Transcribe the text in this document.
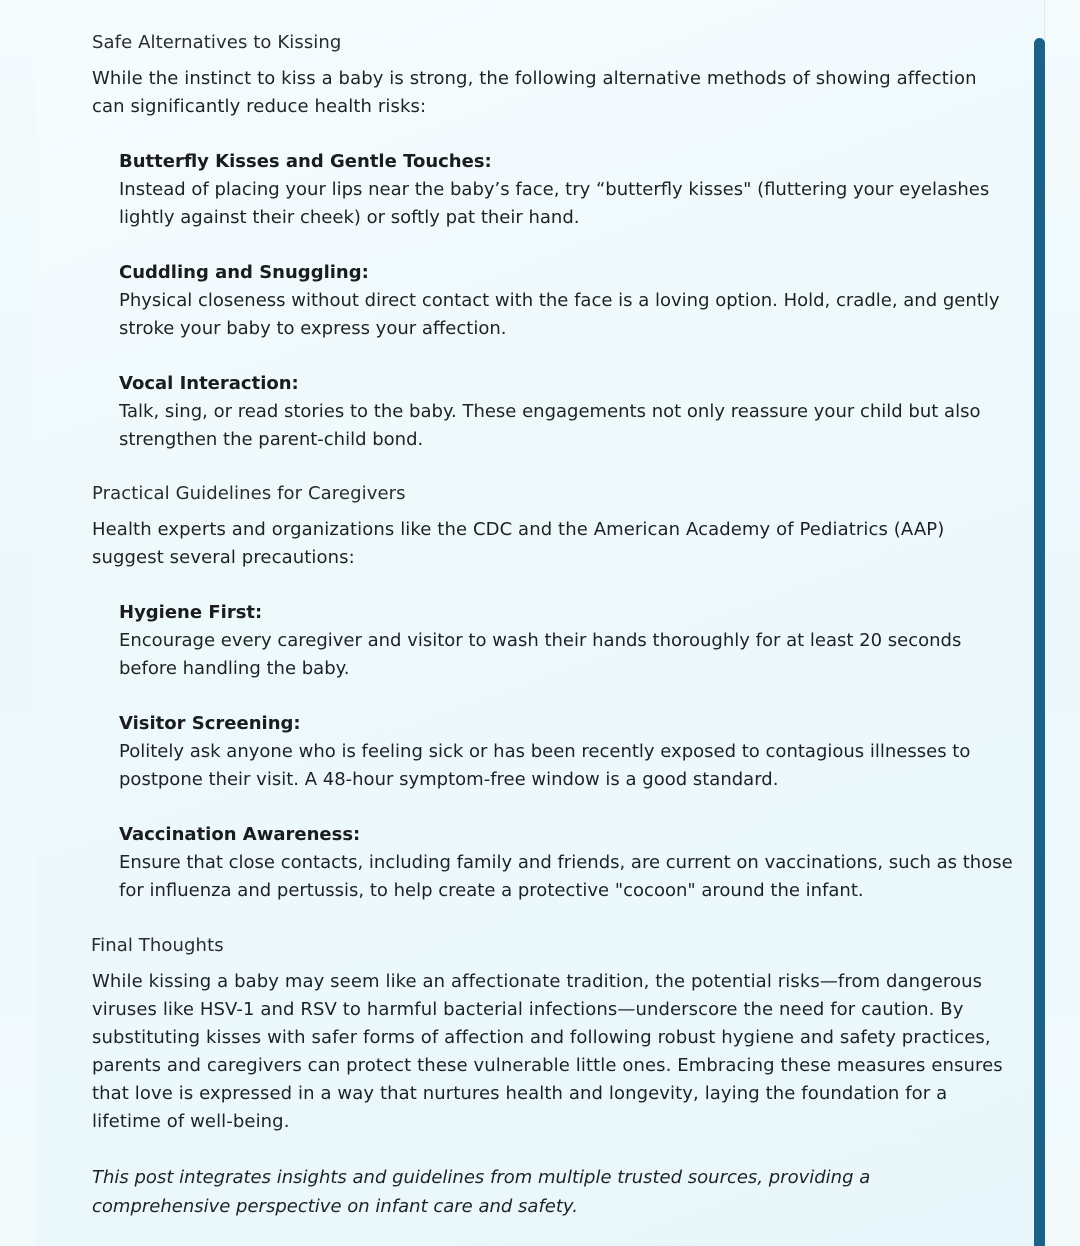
Safe Alternatives to Kissing

While the instinct to kiss a baby is strong, the following alternative methods of showing affection can significantly reduce health risks:

Butterfly Kisses and Gentle Touches:
Instead of placing your lips near the baby’s face, try “butterfly kisses" (fluttering your eyelashes lightly against their cheek) or softly pat their hand.
Cuddling and Snuggling:
Physical closeness without direct contact with the face is a loving option. Hold, cradle, and gently stroke your baby to express your affection.
Vocal Interaction:
Talk, sing, or read stories to the baby. These engagements not only reassure your child but also strengthen the parent-child bond.
Practical Guidelines for Caregivers

Health experts and organizations like the CDC and the American Academy of Pediatrics (AAP) suggest several precautions:

Hygiene First:
Encourage every caregiver and visitor to wash their hands thoroughly for at least 20 seconds before handling the baby.
Visitor Screening:
Politely ask anyone who is feeling sick or has been recently exposed to contagious illnesses to postpone their visit. A 48-hour symptom-free window is a good standard.
Vaccination Awareness:
Ensure that close contacts, including family and friends, are current on vaccinations, such as those for influenza and pertussis, to help create a protective "cocoon" around the infant.
Final Thoughts

While kissing a baby may seem like an affectionate tradition, the potential risks—from dangerous viruses like HSV-1 and RSV to harmful bacterial infections—underscore the need for caution. By substituting kisses with safer forms of affection and following robust hygiene and safety practices, parents and caregivers can protect these vulnerable little ones. Embracing these measures ensures that love is expressed in a way that nurtures health and longevity, laying the foundation for a lifetime of well-being.

This post integrates insights and guidelines from multiple trusted sources, providing a comprehensive perspective on infant care and safety.
